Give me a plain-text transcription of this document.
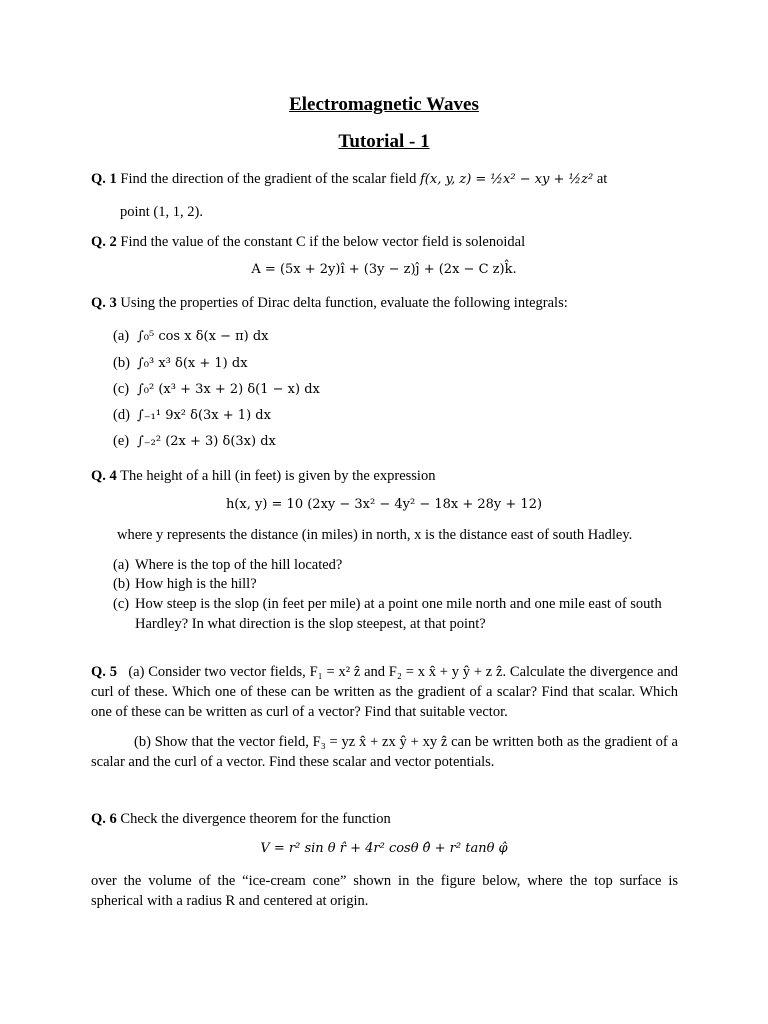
Electromagnetic Waves
Tutorial - 1
Q. 1 Find the direction of the gradient of the scalar field f(x, y, z) = ½x² − xy + ½z² at
point (1, 1, 2).
Q. 2 Find the value of the constant C if the below vector field is solenoidal
A = (5x + 2y)î + (3y − z)ĵ + (2x − C z)k̂.
Q. 3 Using the properties of Dirac delta function, evaluate the following integrals:
(a) ∫₀⁵ cos x δ(x − π) dx
(b) ∫₀³ x³ δ(x + 1) dx
(c) ∫₀² (x³ + 3x + 2) δ(1 − x) dx
(d) ∫₋₁¹ 9x² δ(3x + 1) dx
(e) ∫₋₂² (2x + 3) δ(3x) dx
Q. 4 The height of a hill (in feet) is given by the expression
h(x, y) = 10 (2xy − 3x² − 4y² − 18x + 28y + 12)
where y represents the distance (in miles) in north, x is the distance east of south Hadley.
(a) Where is the top of the hill located?
(b) How high is the hill?
(c) How steep is the slop (in feet per mile) at a point one mile north and one mile east of south Hardley? In what direction is the slop steepest, at that point?
Q. 5 (a) Consider two vector fields, F₁ = x² ẑ and F₂ = x x̂ + y ŷ + z ẑ. Calculate the divergence and curl of these. Which one of these can be written as the gradient of a scalar? Find that scalar. Which one of these can be written as curl of a vector? Find that suitable vector.
(b) Show that the vector field, F₃ = yz x̂ + zx ŷ + xy ẑ can be written both as the gradient of a scalar and the curl of a vector. Find these scalar and vector potentials.
Q. 6 Check the divergence theorem for the function
V = r² sin θ r̂ + 4r² cosθ θ̂ + r² tanθ φ̂
over the volume of the “ice-cream cone” shown in the figure below, where the top surface is spherical with a radius R and centered at origin.
